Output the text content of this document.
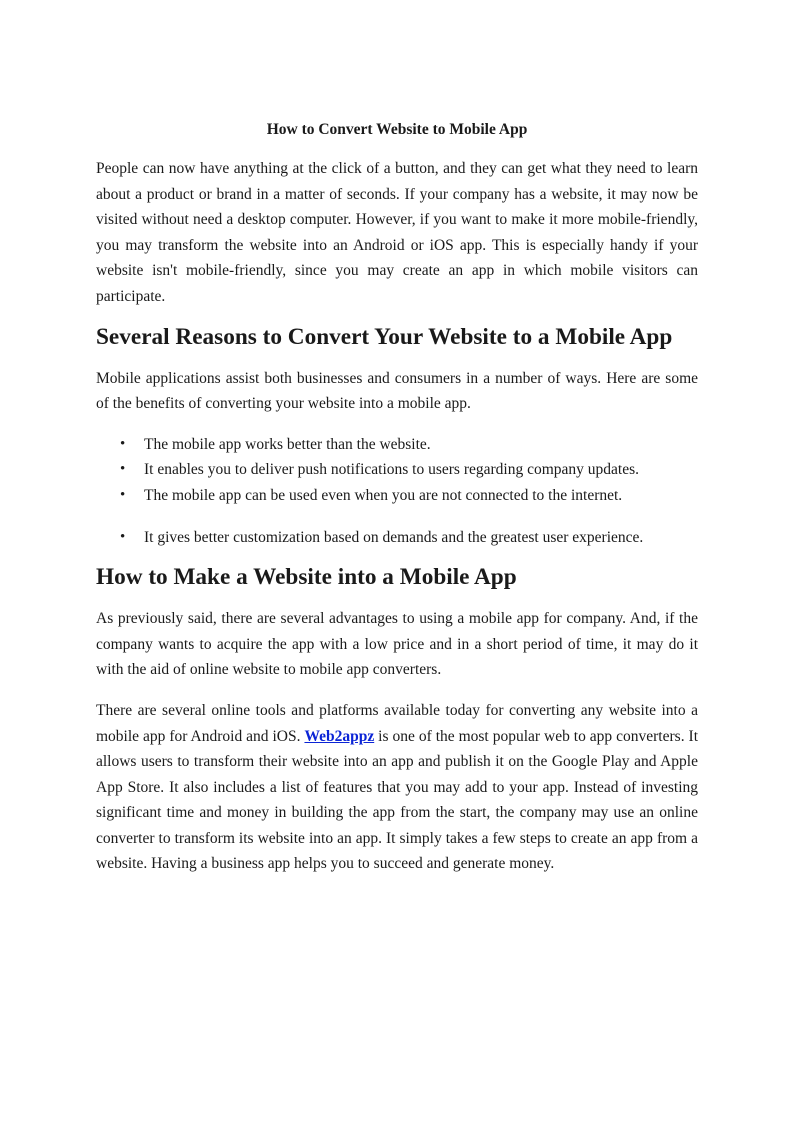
How to Convert Website to Mobile App

People can now have anything at the click of a button, and they can get what they need to learn about a product or brand in a matter of seconds. If your company has a website, it may now be visited without need a desktop computer. However, if you want to make it more mobile-friendly, you may transform the website into an Android or iOS app. This is especially handy if your website isn't mobile-friendly, since you may create an app in which mobile visitors can participate.

Several Reasons to Convert Your Website to a Mobile App

Mobile applications assist both businesses and consumers in a number of ways. Here are some of the benefits of converting your website into a mobile app.

• The mobile app works better than the website.
• It enables you to deliver push notifications to users regarding company updates.
• The mobile app can be used even when you are not connected to the internet.
• It gives better customization based on demands and the greatest user experience.
How to Make a Website into a Mobile App

As previously said, there are several advantages to using a mobile app for company. And, if the company wants to acquire the app with a low price and in a short period of time, it may do it with the aid of online website to mobile app converters.

There are several online tools and platforms available today for converting any website into a mobile app for Android and iOS. Web2appz is one of the most popular web to app converters. It allows users to transform their website into an app and publish it on the Google Play and Apple App Store. It also includes a list of features that you may add to your app. Instead of investing significant time and money in building the app from the start, the company may use an online converter to transform its website into an app. It simply takes a few steps to create an app from a website. Having a business app helps you to succeed and generate money.
